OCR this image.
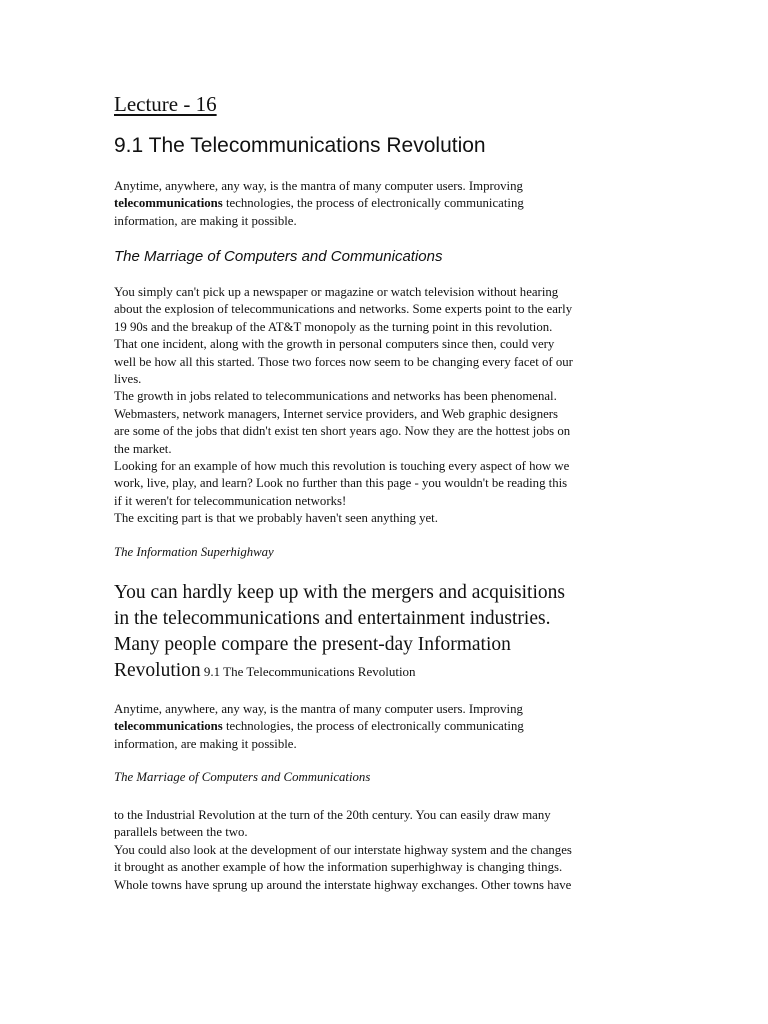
Lecture - 16
9.1 The Telecommunications Revolution
Anytime, anywhere, any way, is the mantra of many computer users. Improving
telecommunications technologies, the process of electronically communicating
information, are making it possible.
The Marriage of Computers and Communications
You simply can't pick up a newspaper or magazine or watch television without hearing
about the explosion of telecommunications and networks. Some experts point to the early
19 90s and the breakup of the AT&T monopoly as the turning point in this revolution.
That one incident, along with the growth in personal computers since then, could very
well be how all this started. Those two forces now seem to be changing every facet of our
lives.
The growth in jobs related to telecommunications and networks has been phenomenal.
Webmasters, network managers, Internet service providers, and Web graphic designers
are some of the jobs that didn't exist ten short years ago. Now they are the hottest jobs on
the market.
Looking for an example of how much this revolution is touching every aspect of how we
work, live, play, and learn? Look no further than this page - you wouldn't be reading this
if it weren't for telecommunication networks!
The exciting part is that we probably haven't seen anything yet.
The Information Superhighway
You can hardly keep up with the mergers and acquisitions
in the telecommunications and entertainment industries.
Many people compare the present-day Information
Revolution 9.1 The Telecommunications Revolution
Anytime, anywhere, any way, is the mantra of many computer users. Improving
telecommunications technologies, the process of electronically communicating
information, are making it possible.
The Marriage of Computers and Communications
to the Industrial Revolution at the turn of the 20th century. You can easily draw many
parallels between the two.
You could also look at the development of our interstate highway system and the changes
it brought as another example of how the information superhighway is changing things.
Whole towns have sprung up around the interstate highway exchanges. Other towns have
